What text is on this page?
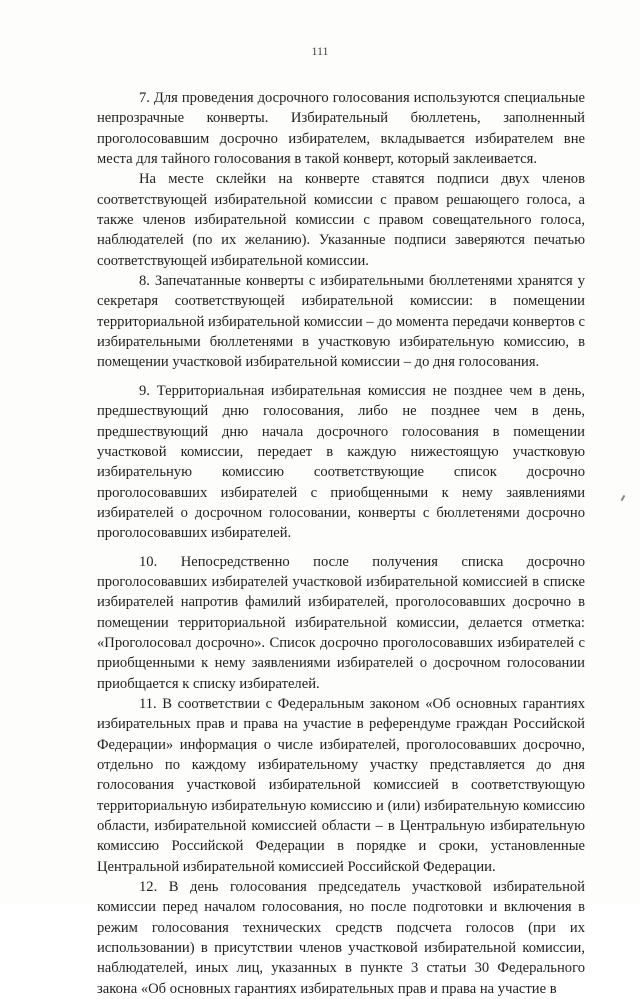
111

7. Для проведения досрочного голосования используются специальные непрозрачные конверты. Избирательный бюллетень, заполненный проголосовавшим досрочно избирателем, вкладывается избирателем вне места для тайного голосования в такой конверт, который заклеивается.

На месте склейки на конверте ставятся подписи двух членов соответствующей избирательной комиссии с правом решающего голоса, а также членов избирательной комиссии с правом совещательного голоса, наблюдателей (по их желанию). Указанные подписи заверяются печатью соответствующей избирательной комиссии.

8. Запечатанные конверты с избирательными бюллетенями хранятся у секретаря соответствующей избирательной комиссии: в помещении территориальной избирательной комиссии – до момента передачи конвертов с избирательными бюллетенями в участковую избирательную комиссию, в помещении участковой избирательной комиссии – до дня голосования.

9. Территориальная избирательная комиссия не позднее чем в день, предшествующий дню голосования, либо не позднее чем в день, предшествующий дню начала досрочного голосования в помещении участковой комиссии, передает в каждую нижестоящую участковую избирательную комиссию соответствующие список досрочно проголосовавших избирателей с приобщенными к нему заявлениями избирателей о досрочном голосовании, конверты с бюллетенями досрочно проголосовавших избирателей.

10. Непосредственно после получения списка досрочно проголосовавших избирателей участковой избирательной комиссией в списке избирателей напротив фамилий избирателей, проголосовавших досрочно в помещении территориальной избирательной комиссии, делается отметка: «Проголосовал досрочно». Список досрочно проголосовавших избирателей с приобщенными к нему заявлениями избирателей о досрочном голосовании приобщается к списку избирателей.

11. В соответствии с Федеральным законом «Об основных гарантиях избирательных прав и права на участие в референдуме граждан Российской Федерации» информация о числе избирателей, проголосовавших досрочно, отдельно по каждому избирательному участку представляется до дня голосования участковой избирательной комиссией в соответствующую территориальную избирательную комиссию и (или) избирательную комиссию области, избирательной комиссией области – в Центральную избирательную комиссию Российской Федерации в порядке и сроки, установленные Центральной избирательной комиссией Российской Федерации.

12. В день голосования председатель участковой избирательной комиссии перед началом голосования, но после подготовки и включения в режим голосования технических средств подсчета голосов (при их использовании) в присутствии членов участковой избирательной комиссии, наблюдателей, иных лиц, указанных в пункте 3 статьи 30 Федерального закона «Об основных гарантиях избирательных прав и права на участие в
